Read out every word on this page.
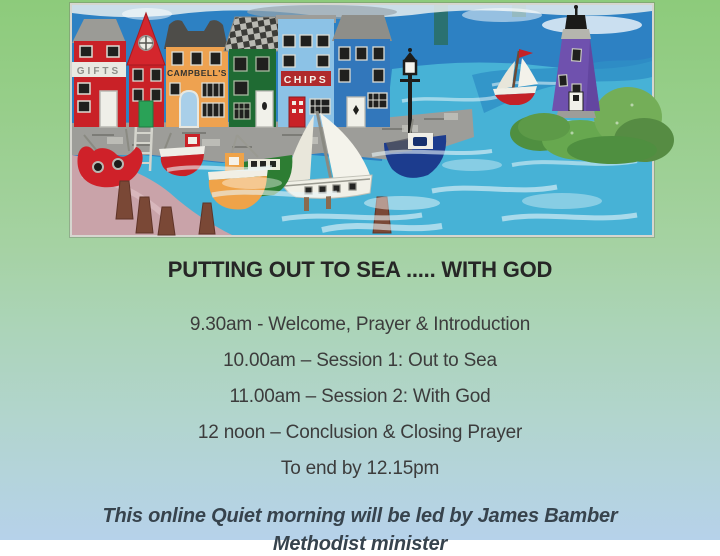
GIFTS	CAMPBELL'S
CHIPS
PUTTING OUT TO SEA ..... WITH GOD

9.30am - Welcome, Prayer & Introduction

10.00am – Session 1: Out to Sea

11.00am – Session 2: With God

12 noon – Conclusion & Closing Prayer

To end by 12.15pm

This online Quiet morning will be led by James Bamber

Methodist minister
